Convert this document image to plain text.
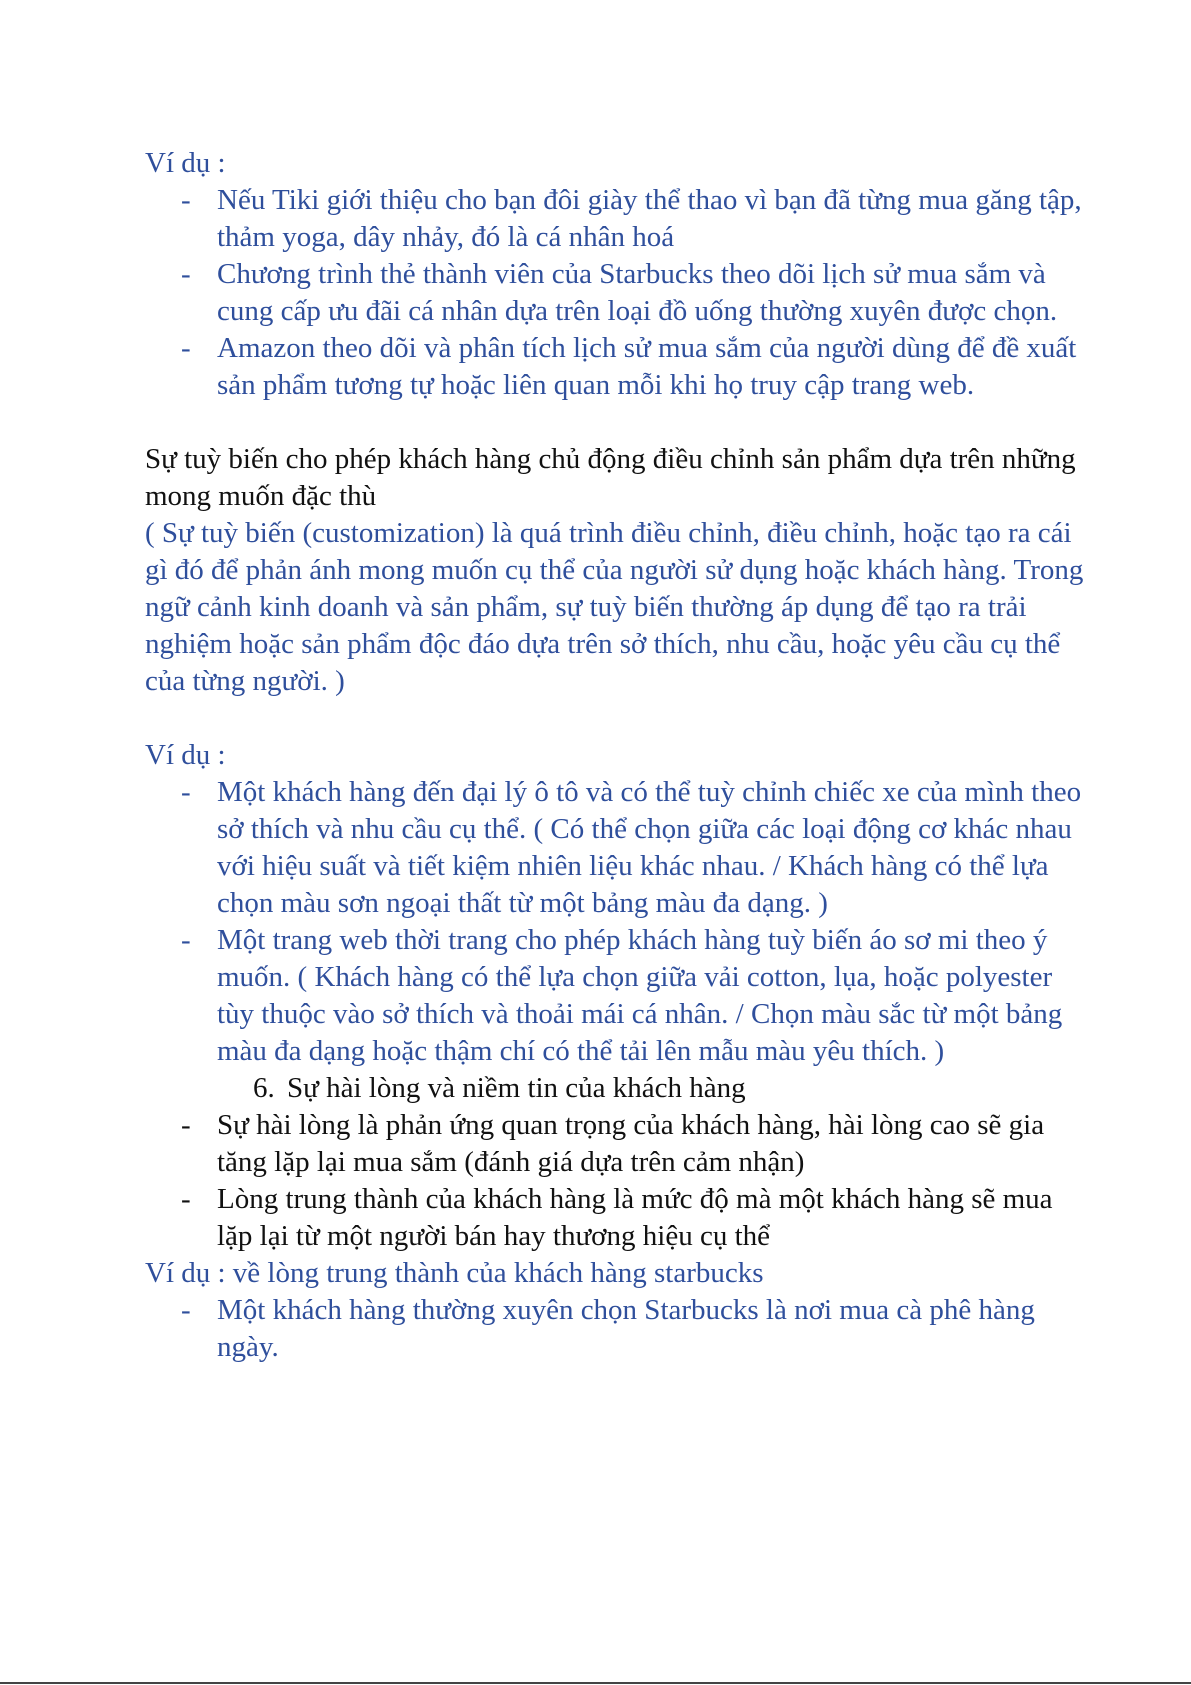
Ví dụ :

- Nếu Tiki giới thiệu cho bạn đôi giày thể thao vì bạn đã từng mua găng tập, thảm yoga, dây nhảy, đó là cá nhân hoá

- Chương trình thẻ thành viên của Starbucks theo dõi lịch sử mua sắm và cung cấp ưu đãi cá nhân dựa trên loại đồ uống thường xuyên được chọn.

- Amazon theo dõi và phân tích lịch sử mua sắm của người dùng để đề xuất sản phẩm tương tự hoặc liên quan mỗi khi họ truy cập trang web.

Sự tuỳ biến cho phép khách hàng chủ động điều chỉnh sản phẩm dựa trên những mong muốn đặc thù

( Sự tuỳ biến (customization) là quá trình điều chỉnh, điều chỉnh, hoặc tạo ra cái gì đó để phản ánh mong muốn cụ thể của người sử dụng hoặc khách hàng. Trong ngữ cảnh kinh doanh và sản phẩm, sự tuỳ biến thường áp dụng để tạo ra trải nghiệm hoặc sản phẩm độc đáo dựa trên sở thích, nhu cầu, hoặc yêu cầu cụ thể của từng người. )

Ví dụ :

- Một khách hàng đến đại lý ô tô và có thể tuỳ chỉnh chiếc xe của mình theo sở thích và nhu cầu cụ thể. ( Có thể chọn giữa các loại động cơ khác nhau với hiệu suất và tiết kiệm nhiên liệu khác nhau. / Khách hàng có thể lựa chọn màu sơn ngoại thất từ một bảng màu đa dạng. )

- Một trang web thời trang cho phép khách hàng tuỳ biến áo sơ mi theo ý muốn. ( Khách hàng có thể lựa chọn giữa vải cotton, lụa, hoặc polyester tùy thuộc vào sở thích và thoải mái cá nhân. / Chọn màu sắc từ một bảng màu đa dạng hoặc thậm chí có thể tải lên mẫu màu yêu thích. )

6. Sự hài lòng và niềm tin của khách hàng

- Sự hài lòng là phản ứng quan trọng của khách hàng, hài lòng cao sẽ gia tăng lặp lại mua sắm (đánh giá dựa trên cảm nhận)

- Lòng trung thành của khách hàng là mức độ mà một khách hàng sẽ mua lặp lại từ một người bán hay thương hiệu cụ thể

Ví dụ : về lòng trung thành của khách hàng starbucks

- Một khách hàng thường xuyên chọn Starbucks là nơi mua cà phê hàng ngày.
